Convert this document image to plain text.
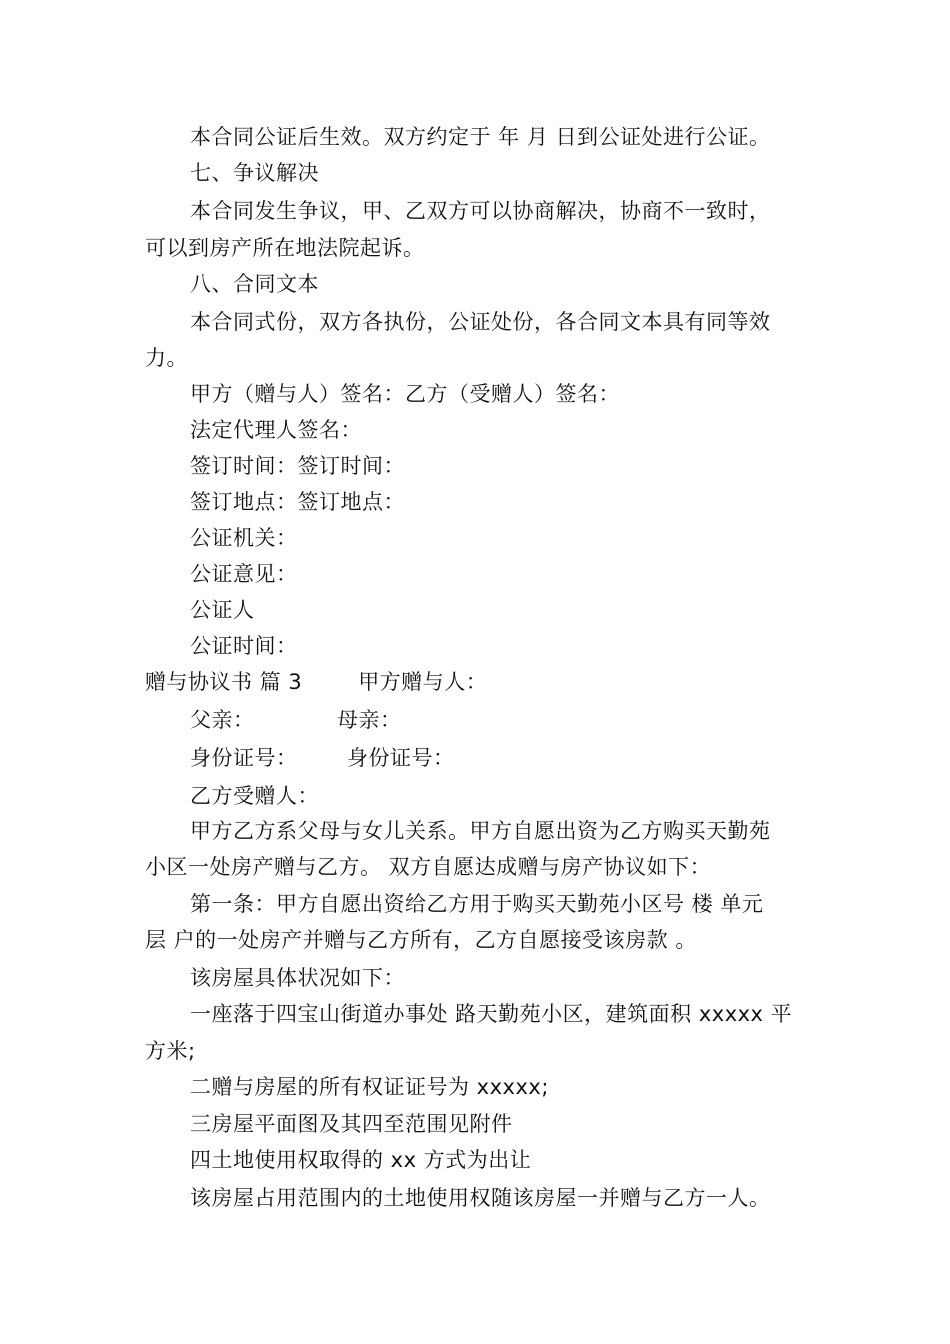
本合同公证后生效。双方约定于 年 月 日到公证处进行公证。
七、争议解决
本合同发生争议，甲、乙双方可以协商解决，协商不一致时，
可以到房产所在地法院起诉。
八、合同文本
本合同式份，双方各执份，公证处份，各合同文本具有同等效
力。
甲方（赠与人）签名：乙方（受赠人）签名：
法定代理人签名：
签订时间：签订时间：
签订地点：签订地点：
公证机关：
公证意见：
公证人
公证时间：
赠与协议书 篇 3	甲方赠与人：
父亲：	母亲：
身份证号： 身份证号：
乙方受赠人：
甲方乙方系父母与女儿关系。甲方自愿出资为乙方购买天勤苑
小区一处房产赠与乙方。 双方自愿达成赠与房产协议如下：
第一条：甲方自愿出资给乙方用于购买天勤苑小区号 楼 单元
层 户的一处房产并赠与乙方所有，乙方自愿接受该房款 。
该房屋具体状况如下：
一座落于四宝山街道办事处 路天勤苑小区，建筑面积 xxxxx 平
方米;
二赠与房屋的所有权证证号为 xxxxx;
三房屋平面图及其四至范围见附件
四土地使用权取得的 xx 方式为出让
该房屋占用范围内的土地使用权随该房屋一并赠与乙方一人。
